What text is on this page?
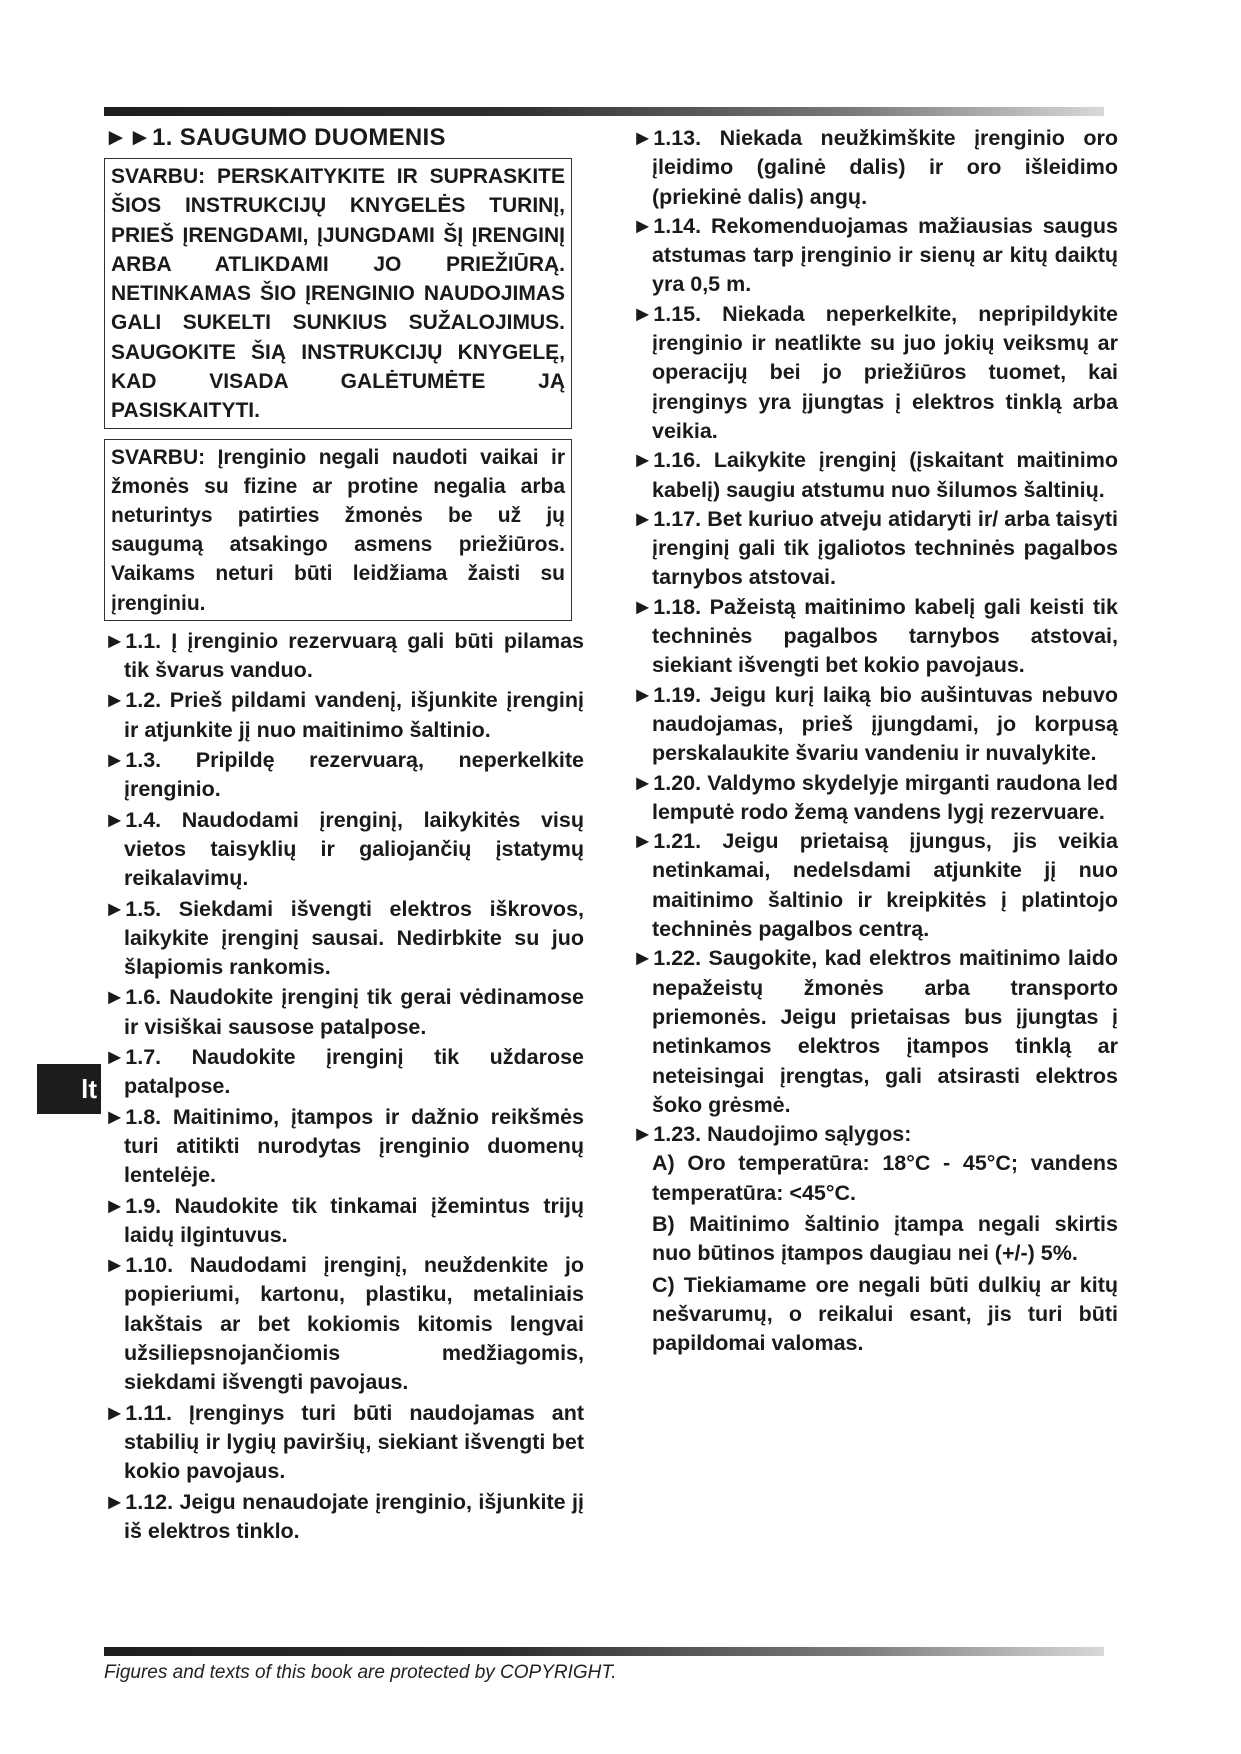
►►1. SAUGUMO DUOMENIS
SVARBU: PERSKAITYKITE IR SUPRASKITE ŠIOS INSTRUKCIJŲ KNYGELĖS TURINĮ, PRIEŠ ĮRENGDAMI, ĮJUNGDAMI ŠĮ ĮRENGINĮ ARBA ATLIKDAMI JO PRIEŽIŪRĄ. NETINKAMAS ŠIO ĮRENGINIO NAUDOJIMAS GALI SUKELTI SUNKIUS SUŽALOJIMUS. SAUGOKITE ŠIĄ INSTRUKCIJŲ KNYGELĘ, KAD VISADA GALĖTUMĖTE JĄ PASISKAITYTI.
SVARBU: Įrenginio negali naudoti vaikai ir žmonės su fizine ar protine negalia arba neturintys patirties žmonės be už jų saugumą atsakingo asmens priežiūros. Vaikams neturi būti leidžiama žaisti su įrenginiu.
►1.1. Į įrenginio rezervuarą gali būti pilamas tik švarus vanduo.
►1.2. Prieš pildami vandenį, išjunkite įrenginį ir atjunkite jį nuo maitinimo šaltinio.
►1.3. Pripildę rezervuarą, neperkelkite įrenginio.
►1.4. Naudodami įrenginį, laikykitės visų vietos taisyklių ir galiojančių įstatymų reikalavimų.
►1.5. Siekdami išvengti elektros iškrovos, laikykite įrenginį sausai. Nedirbkite su juo šlapiomis rankomis.
►1.6. Naudokite įrenginį tik gerai vėdinamose ir visiškai sausose patalpose.
►1.7. Naudokite įrenginį tik uždarose patalpose.
►1.8. Maitinimo, įtampos ir dažnio reikšmės turi atitikti nurodytas įrenginio duomenų lentelėje.
►1.9. Naudokite tik tinkamai įžemintus trijų laidų ilgintuvus.
►1.10. Naudodami įrenginį, neuždenkite jo popieriumi, kartonu, plastiku, metaliniais lakštais ar bet kokiomis kitomis lengvai užsiliepsnojančiomis medžiagomis, siekdami išvengti pavojaus.
►1.11. Įrenginys turi būti naudojamas ant stabilių ir lygių paviršių, siekiant išvengti bet kokio pavojaus.
►1.12. Jeigu nenaudojate įrenginio, išjunkite jį iš elektros tinklo.
►1.13. Niekada neužkimškite įrenginio oro įleidimo (galinė dalis) ir oro išleidimo (priekinė dalis) angų.
►1.14. Rekomenduojamas mažiausias saugus atstumas tarp įrenginio ir sienų ar kitų daiktų yra 0,5 m.
►1.15. Niekada neperkelkite, nepripildykite įrenginio ir neatlikte su juo jokių veiksmų ar operacijų bei jo priežiūros tuomet, kai įrenginys yra įjungtas į elektros tinklą arba veikia.
►1.16. Laikykite įrenginį (įskaitant maitinimo kabelį) saugiu atstumu nuo šilumos šaltinių.
►1.17. Bet kuriuo atveju atidaryti ir/ arba taisyti įrenginį gali tik įgaliotos techninės pagalbos tarnybos atstovai.
►1.18. Pažeistą maitinimo kabelį gali keisti tik techninės pagalbos tarnybos atstovai, siekiant išvengti bet kokio pavojaus.
►1.19. Jeigu kurį laiką bio aušintuvas nebuvo naudojamas, prieš įjungdami, jo korpusą perskalaukite švariu vandeniu ir nuvalykite.
►1.20. Valdymo skydelyje mirganti raudona led lemputė rodo žemą vandens lygį rezervuare.
►1.21. Jeigu prietaisą įjungus, jis veikia netinkamai, nedelsdami atjunkite jį nuo maitinimo šaltinio ir kreipkitės į platintojo techninės pagalbos centrą.
►1.22. Saugokite, kad elektros maitinimo laido nepažeistų žmonės arba transporto priemonės. Jeigu prietaisas bus įjungtas į netinkamos elektros įtampos tinklą ar neteisingai įrengtas, gali atsirasti elektros šoko grėsmė.
►1.23. Naudojimo sąlygos:
A) Oro temperatūra: 18°C - 45°C; vandens temperatūra: <45°C.
B) Maitinimo šaltinio įtampa negali skirtis nuo būtinos įtampos daugiau nei (+/-) 5%.
C) Tiekiamame ore negali būti dulkių ar kitų nešvarumų, o reikalui esant, jis turi būti papildomai valomas.
lt
Figures and texts of this book are protected by COPYRIGHT.
